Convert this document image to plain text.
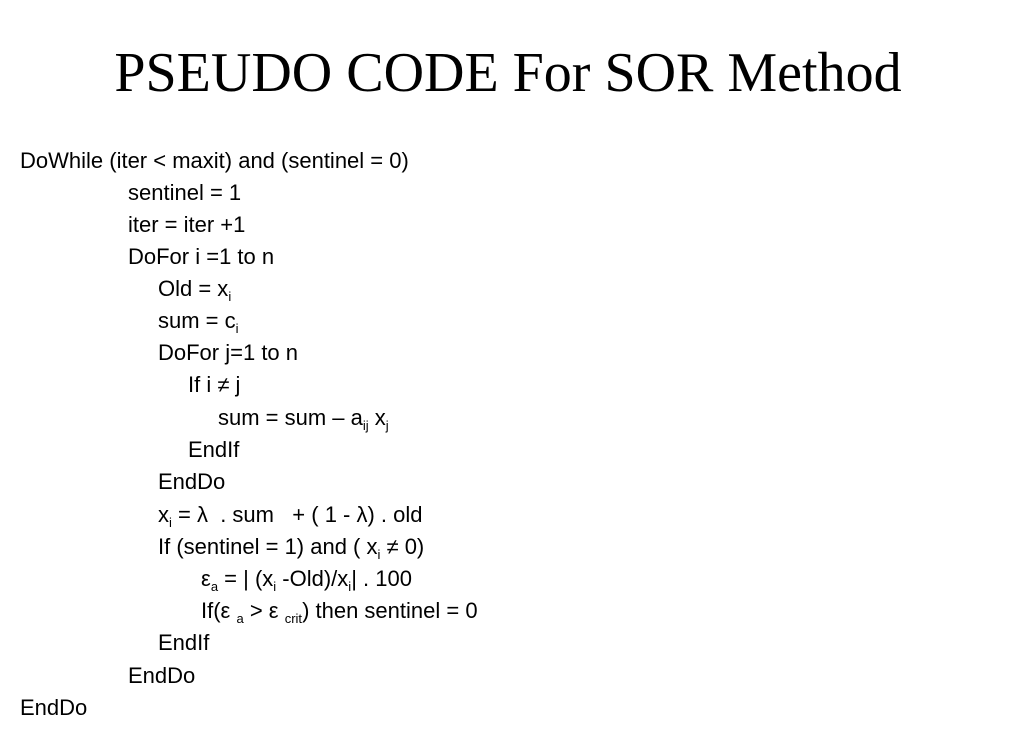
PSEUDO CODE For SOR Method
DoWhile (iter < maxit) and (sentinel = 0)
sentinel = 1
iter = iter +1
DoFor i =1 to n
Old = $x_i$
sum = $c_i$
DoFor j=1 to n
If i ≠ j
sum = sum – $a_{ij}$ $x_j$
EndIf
EndDo
$x_i = \lambda$  . sum   + ( 1 - λ) . old
If (sentinel = 1) and ( $x_i \ne 0$)
$\varepsilon_a$ = | ($x_i$ $-Old)/x_i|$ . 100
If(ε $_a$ > ε $_{crit}$) then sentinel = 0
EndIf
EndDo
EndDo
